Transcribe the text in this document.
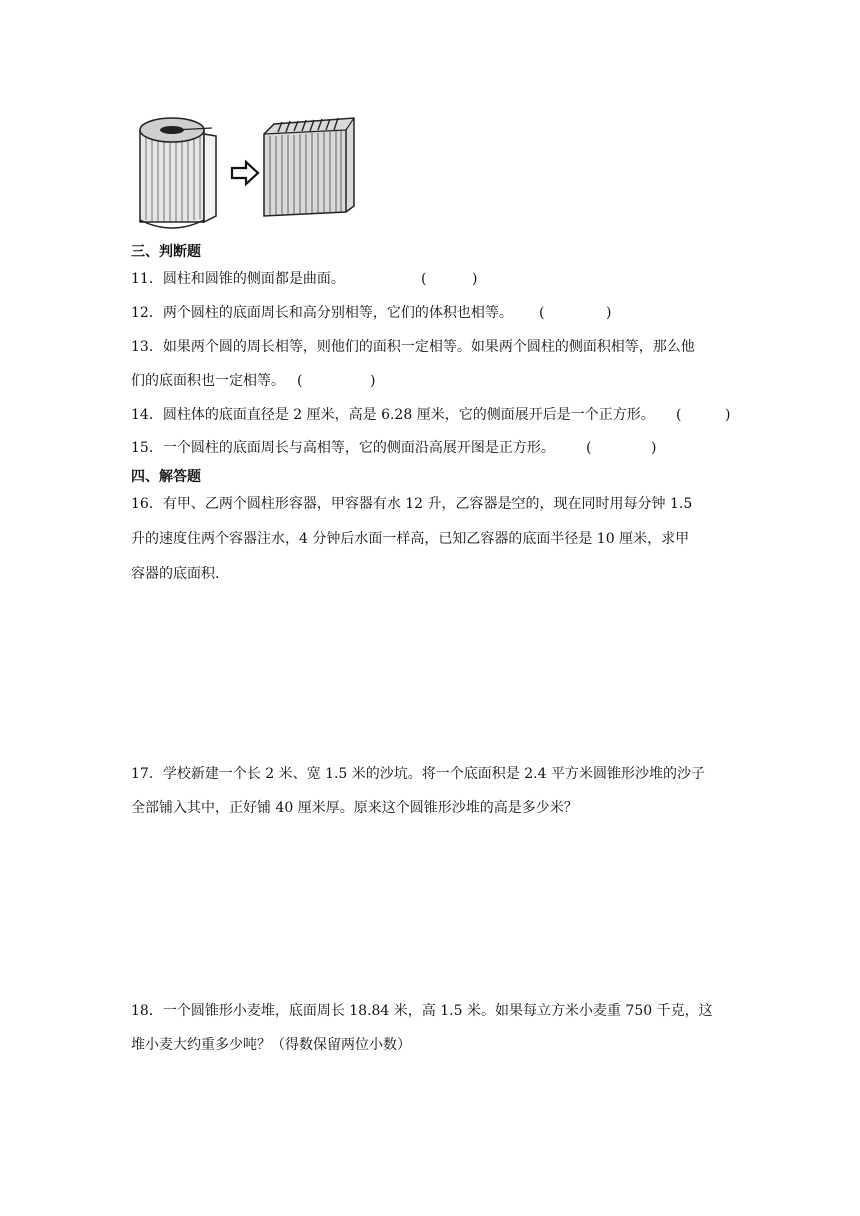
三、判断题
11．圆柱和圆锥的侧面都是曲面。	(	)
12．两个圆柱的底面周长和高分别相等，它们的体积也相等。 (	)
13．如果两个圆的周长相等，则他们的面积一定相等。如果两个圆柱的侧面积相等，那么他
们的底面积也一定相等。 (	)
14．圆柱体的底面直径是 2 厘米，高是 6.28 厘米，它的侧面展开后是一个正方形。 (	)
15．一个圆柱的底面周长与高相等，它的侧面沿高展开图是正方形。 (	)
四、解答题
16．有甲、乙两个圆柱形容器，甲容器有水 12 升，乙容器是空的，现在同时用每分钟 1.5
升的速度住两个容器注水，4 分钟后水面一样高，已知乙容器的底面半径是 10 厘米，求甲
容器的底面积.
17．学校新建一个长 2 米、宽 1.5 米的沙坑。将一个底面积是 2.4 平方米圆锥形沙堆的沙子
全部铺入其中，正好铺 40 厘米厚。原来这个圆锥形沙堆的高是多少米？
18．一个圆锥形小麦堆，底面周长 18.84 米，高 1.5 米。如果每立方米小麦重 750 千克，这
堆小麦大约重多少吨？（得数保留两位小数）
